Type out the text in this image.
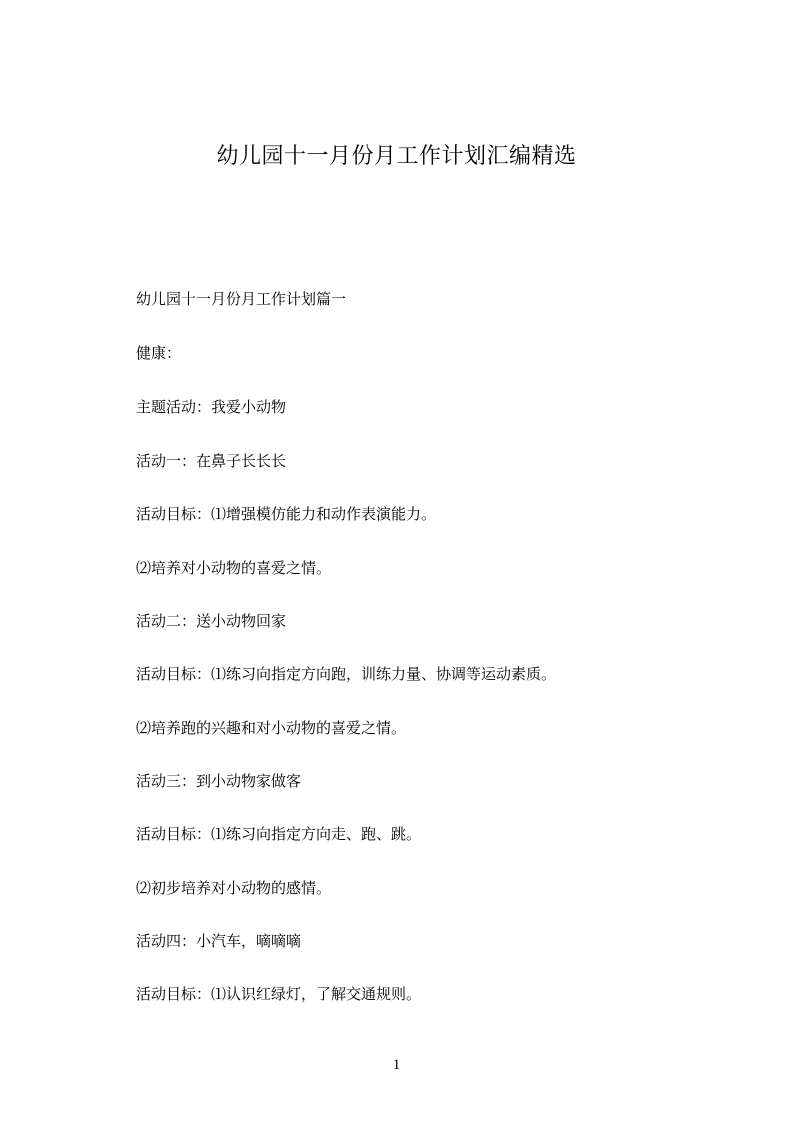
幼儿园十一月份月工作计划汇编精选

幼儿园十一月份月工作计划篇一

健康：

主题活动：我爱小动物

活动一：在鼻子长长长

活动目标：⑴增强模仿能力和动作表演能力。

⑵培养对小动物的喜爱之情。

活动二：送小动物回家

活动目标：⑴练习向指定方向跑，训练力量、协调等运动素质。

⑵培养跑的兴趣和对小动物的喜爱之情。

活动三：到小动物家做客

活动目标：⑴练习向指定方向走、跑、跳。

⑵初步培养对小动物的感情。

活动四：小汽车，嘀嘀嘀

活动目标：⑴认识红绿灯，了解交通规则。

1
